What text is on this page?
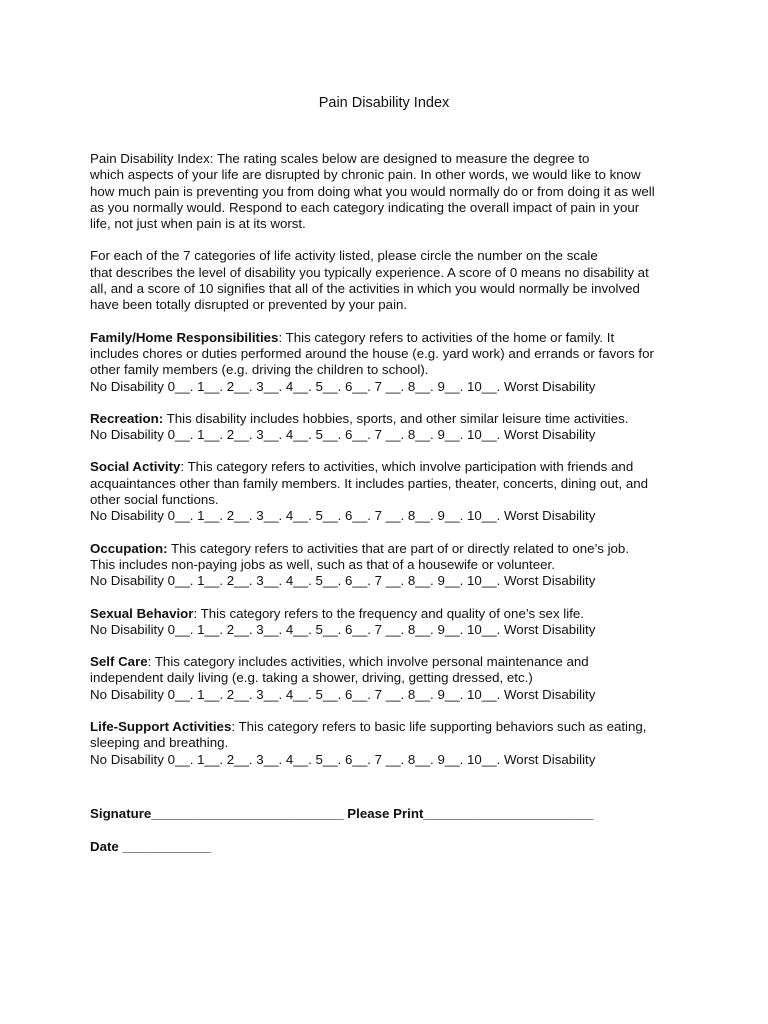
Pain Disability Index
Pain Disability Index: The rating scales below are designed to measure the degree to
which aspects of your life are disrupted by chronic pain. In other words, we would like to know
how much pain is preventing you from doing what you would normally do or from doing it as well
as you normally would. Respond to each category indicating the overall impact of pain in your
life, not just when pain is at its worst.
For each of the 7 categories of life activity listed, please circle the number on the scale
that describes the level of disability you typically experience. A score of 0 means no disability at
all, and a score of 10 signifies that all of the activities in which you would normally be involved
have been totally disrupted or prevented by your pain.
Family/Home Responsibilities: This category refers to activities of the home or family. It
includes chores or duties performed around the house (e.g. yard work) and errands or favors for
other family members (e.g. driving the children to school).
No Disability 0__. 1__. 2__. 3__. 4__. 5__. 6__. 7 __. 8__. 9__. 10__. Worst Disability
Recreation: This disability includes hobbies, sports, and other similar leisure time activities.
No Disability 0__. 1__. 2__. 3__. 4__. 5__. 6__. 7 __. 8__. 9__. 10__. Worst Disability
Social Activity: This category refers to activities, which involve participation with friends and
acquaintances other than family members. It includes parties, theater, concerts, dining out, and
other social functions.
No Disability 0__. 1__. 2__. 3__. 4__. 5__. 6__. 7 __. 8__. 9__. 10__. Worst Disability
Occupation: This category refers to activities that are part of or directly related to one’s job.
This includes non-paying jobs as well, such as that of a housewife or volunteer.
No Disability 0__. 1__. 2__. 3__. 4__. 5__. 6__. 7 __. 8__. 9__. 10__. Worst Disability
Sexual Behavior: This category refers to the frequency and quality of one’s sex life.
No Disability 0__. 1__. 2__. 3__. 4__. 5__. 6__. 7 __. 8__. 9__. 10__. Worst Disability
Self Care: This category includes activities, which involve personal maintenance and
independent daily living (e.g. taking a shower, driving, getting dressed, etc.)
No Disability 0__. 1__. 2__. 3__. 4__. 5__. 6__. 7 __. 8__. 9__. 10__. Worst Disability
Life-Support Activities: This category refers to basic life supporting behaviors such as eating,
sleeping and breathing.
No Disability 0__. 1__. 2__. 3__. 4__. 5__. 6__. 7 __. 8__. 9__. 10__. Worst Disability
Signature__________________________ Please Print_______________________
Date ____________
